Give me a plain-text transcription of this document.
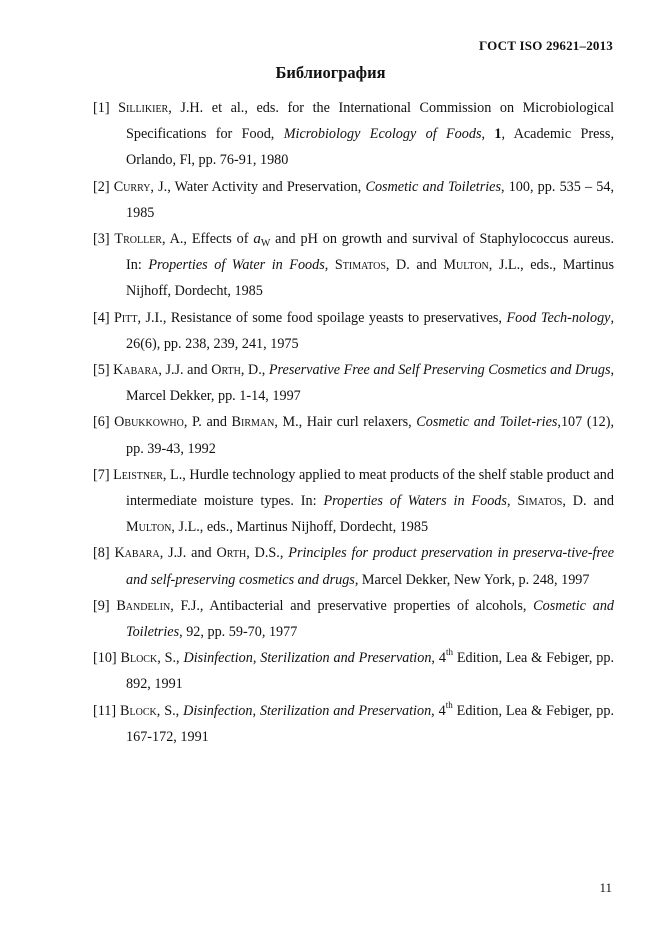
ГОСТ ISO 29621–2013
Библиография
[1] Sillikier, J.H. et al., eds. for the International Commission on Microbiological Specifications for Food, Microbiology Ecology of Foods, 1, Academic Press, Orlando, Fl, pp. 76-91, 1980
[2] Curry, J., Water Activity and Preservation, Cosmetic and Toiletries, 100, pp. 535 – 54, 1985
[3] Troller, A., Effects of $a_W$ and pH on growth and survival of Staphylococcus aureus. In: Properties of Water in Foods, Stimatos, D. and Multon, J.L., eds., Martinus Nijhoff, Dordecht, 1985
[4] Pitt, J.I., Resistance of some food spoilage yeasts to preservatives, Food Tech-nology, 26(6), pp. 238, 239, 241, 1975
[5] Kabara, J.J. and Orth, D., Preservative Free and Self Preserving Cosmetics and Drugs, Marcel Dekker, pp. 1-14, 1997
[6] Obukkowho, P. and Birman, M., Hair curl relaxers, Cosmetic and Toilet-ries,107 (12), pp. 39-43, 1992
[7] Leistner, L., Hurdle technology applied to meat products of the shelf stable product and intermediate moisture types. In: Properties of Waters in Foods, Simatos, D. and Multon, J.L., eds., Martinus Nijhoff, Dordecht, 1985
[8] Kabara, J.J. and Orth, D.S., Principles for product preservation in preserva-tive-free and self-preserving cosmetics and drugs, Marcel Dekker, New York, p. 248, 1997
[9] Bandelin, F.J., Antibacterial and preservative properties of alcohols, Cosmetic and Toiletries, 92, pp. 59-70, 1977
[10] Block, S., Disinfection, Sterilization and Preservation, 4th Edition, Lea & Febiger, pp. 892, 1991
[11] Block, S., Disinfection, Sterilization and Preservation, 4th Edition, Lea & Febiger, pp. 167-172, 1991
11
